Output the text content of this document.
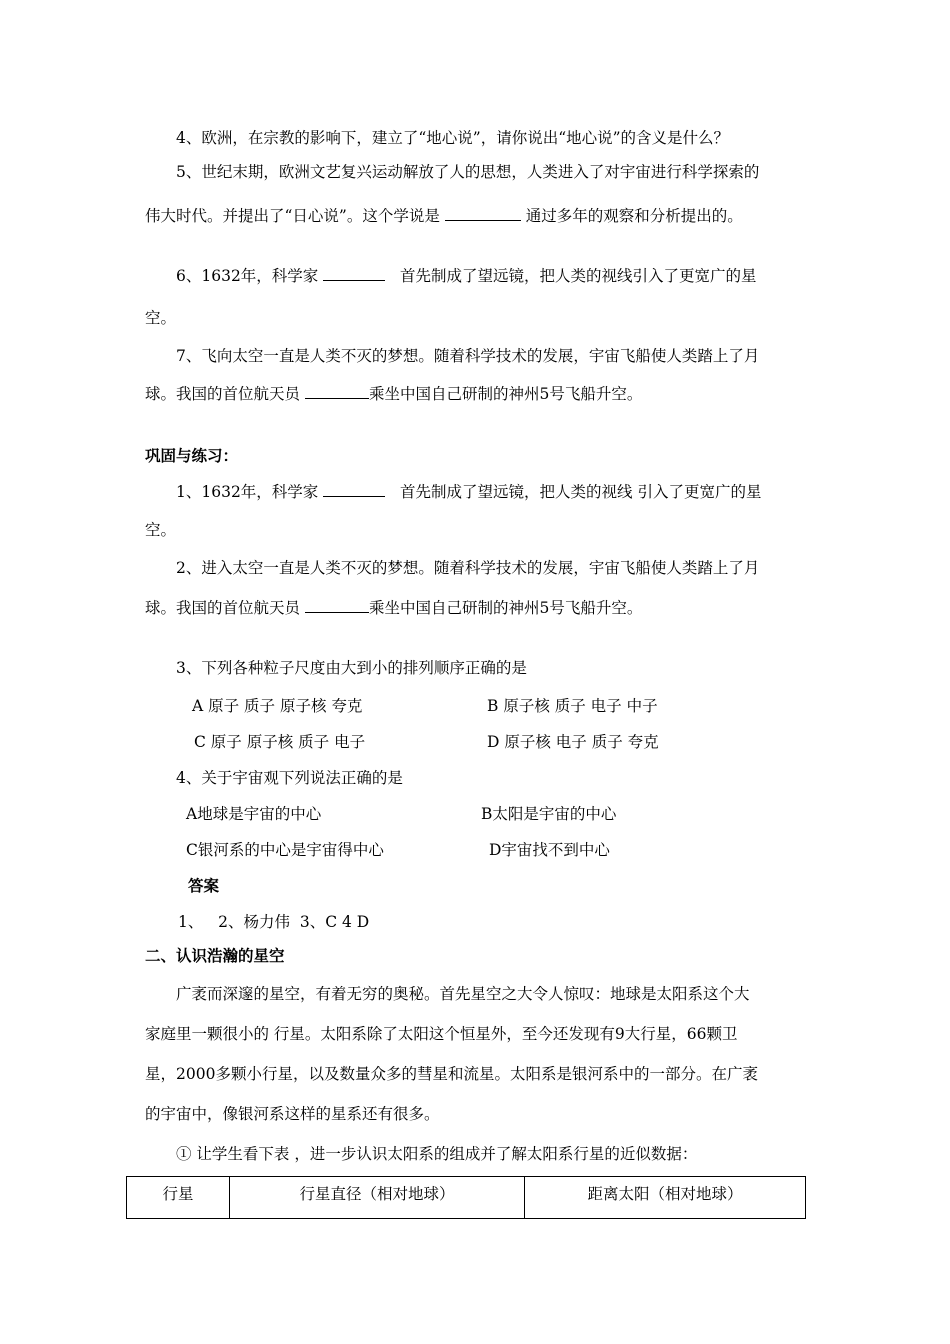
4、欧洲，在宗教的影响下，建立了“地心说”，请你说出“地心说”的含义是什么？
5、世纪末期，欧洲文艺复兴运动解放了人的思想，人类进入了对宇宙进行科学探索的
伟大时代。并提出了“日心说”。这个学说是	通过多年的观察和分析提出的。
6、1632年，科学家	首先制成了望远镜，把人类的视线引入了更宽广的星
空。
7、飞向太空一直是人类不灭的梦想。随着科学技术的发展，宇宙飞船使人类踏上了月
球。我国的首位航天员	乘坐中国自己研制的神州5号飞船升空。
巩固与练习：
1、1632年，科学家	首先制成了望远镜，把人类的视线 引入了更宽广的星
空。
2、进入太空一直是人类不灭的梦想。随着科学技术的发展，宇宙飞船使人类踏上了月
球。我国的首位航天员	乘坐中国自己研制的神州5号飞船升空。
3、下列各种粒子尺度由大到小的排列顺序正确的是
A 原子 质子 原子核 夸克	B 原子核 质子 电子 中子
C 原子 原子核 质子 电子	D 原子核 电子 质子 夸克
4、关于宇宙观下列说法正确的是
A地球是宇宙的中心	B太阳是宇宙的中心
C银河系的中心是宇宙得中心	D宇宙找不到中心
答案
1、   2、杨力伟  3、C 4 D
二、认识浩瀚的星空
广袤而深邃的星空，有着无穷的奥秘。首先星空之大令人惊叹：地球是太阳系这个大
家庭里一颗很小的 行星。太阳系除了太阳这个恒星外，至今还发现有9大行星，66颗卫
星，2000多颗小行星，以及数量众多的彗星和流星。太阳系是银河系中的一部分。在广袤
的宇宙中，像银河系这样的星系还有很多。
① 让学生看下表 ，进一步认识太阳系的组成并了解太阳系行星的近似数据：
行星	行星直径（相对地球）	距离太阳（相对地球）
